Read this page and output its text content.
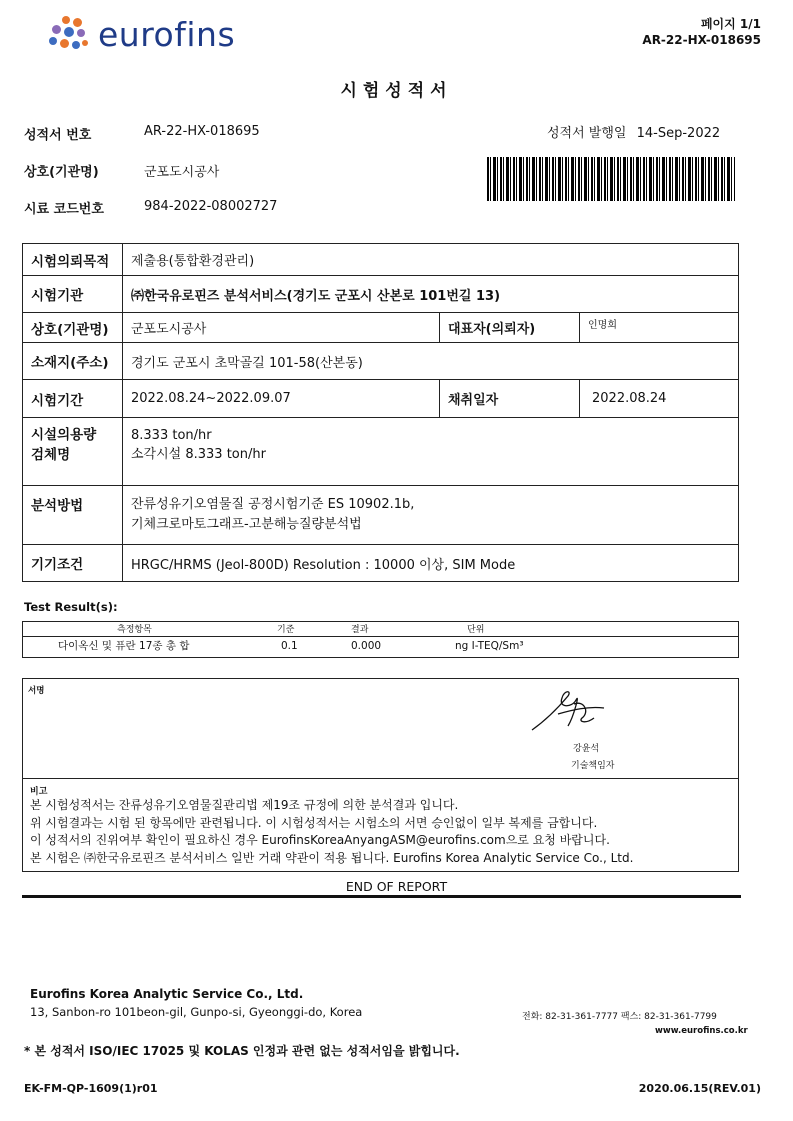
eurofins	페이지 1/1
AR-22-HX-018695
시험성적서
성적서 번호	AR-22-HX-018695	성적서 발행일 14-Sep-2022
상호(기관명)	군포도시공사
시료 코드번호	984-2022-08002727
시험의뢰목적	제출용(통합환경관리)		
시험기관	㈜한국유로핀즈 분석서비스(경기도 군포시 산본로 101번길 13)		
상호(기관명)	군포도시공사	대표자(의뢰자)	인명희
소재지(주소)	경기도 군포시 초막골길 101-58(산본동)		
시험기간	2022.08.24~2022.09.07	채취일자	2022.08.24
시설의용량	8.333 ton/hr		
검체명	소각시설 8.333 ton/hr		
분석방법	잔류성유기오염물질 공정시험기준 ES 10902.1b,
기체크로마토그래프-고분해능질량분석법		

기기조건	HRGC/HRMS (Jeol-800D) Resolution : 10000 이상, SIM Mode		
Test Result(s):
측정항목	기준	결과	단위
다이옥신 및 퓨란 17종 총 합	0.1	0.000	ng I-TEQ/Sm³
서명
강윤석
기술책임자
비고
본 시험성적서는 잔류성유기오염물질관리법 제19조 규정에 의한 분석결과 입니다.
위 시험결과는 시험 된 항목에만 관련됩니다. 이 시험성적서는 시험소의 서면 승인없이 일부 복제를 금합니다.
이 성적서의 진위여부 확인이 필요하신 경우 EurofinsKoreaAnyangASM@eurofins.com으로 요청 바랍니다.
본 시험은 ㈜한국유로핀즈 분석서비스 일반 거래 약관이 적용 됩니다. Eurofins Korea Analytic Service Co., Ltd.
END OF REPORT
Eurofins Korea Analytic Service Co., Ltd.
13, Sanbon-ro 101beon-gil, Gunpo-si, Gyeonggi-do, Korea	전화: 82-31-361-7777 팩스: 82-31-361-7799
www.eurofins.co.kr
* 본 성적서 ISO/IEC 17025 및 KOLAS 인정과 관련 없는 성적서임을 밝힙니다.
EK-FM-QP-1609(1)r01	2020.06.15(REV.01)
